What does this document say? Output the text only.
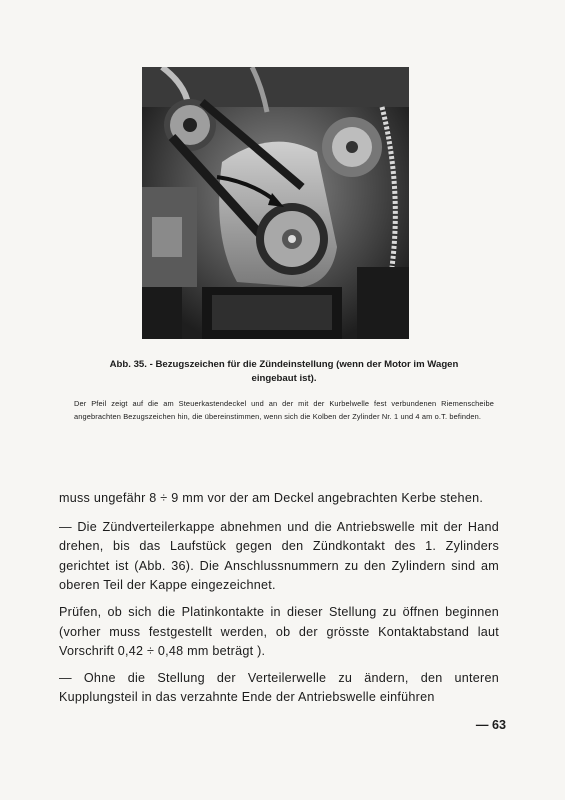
Abb. 35. - Bezugszeichen für die Zündeinstellung (wenn der Motor im Wagen eingebaut ist).
Der Pfeil zeigt auf die am Steuerkastendeckel und an der mit der Kurbelwelle fest verbundenen Riemenscheibe angebrachten Bezugszeichen hin, die übereinstimmen, wenn sich die Kolben der Zylinder Nr. 1 und 4 am o.T. befinden.

muss ungefähr 8 ÷ 9 mm vor der am Deckel angebrachten Kerbe stehen.

— Die Zündverteilerkappe abnehmen und die Antriebswelle mit der Hand drehen, bis das Laufstück gegen den Zündkontakt des 1. Zylinders gerichtet ist (Abb. 36). Die Anschlussnummern zu den Zylindern sind am oberen Teil der Kappe eingezeichnet.

Prüfen, ob sich die Platinkontakte in dieser Stellung zu öffnen beginnen (vorher muss festgestellt werden, ob der grösste Kontaktabstand laut Vorschrift 0,42 ÷ 0,48 mm beträgt ).

— Ohne die Stellung der Verteilerwelle zu ändern, den unteren Kupplungsteil in das verzahnte Ende der Antriebswelle einführen

— 63
